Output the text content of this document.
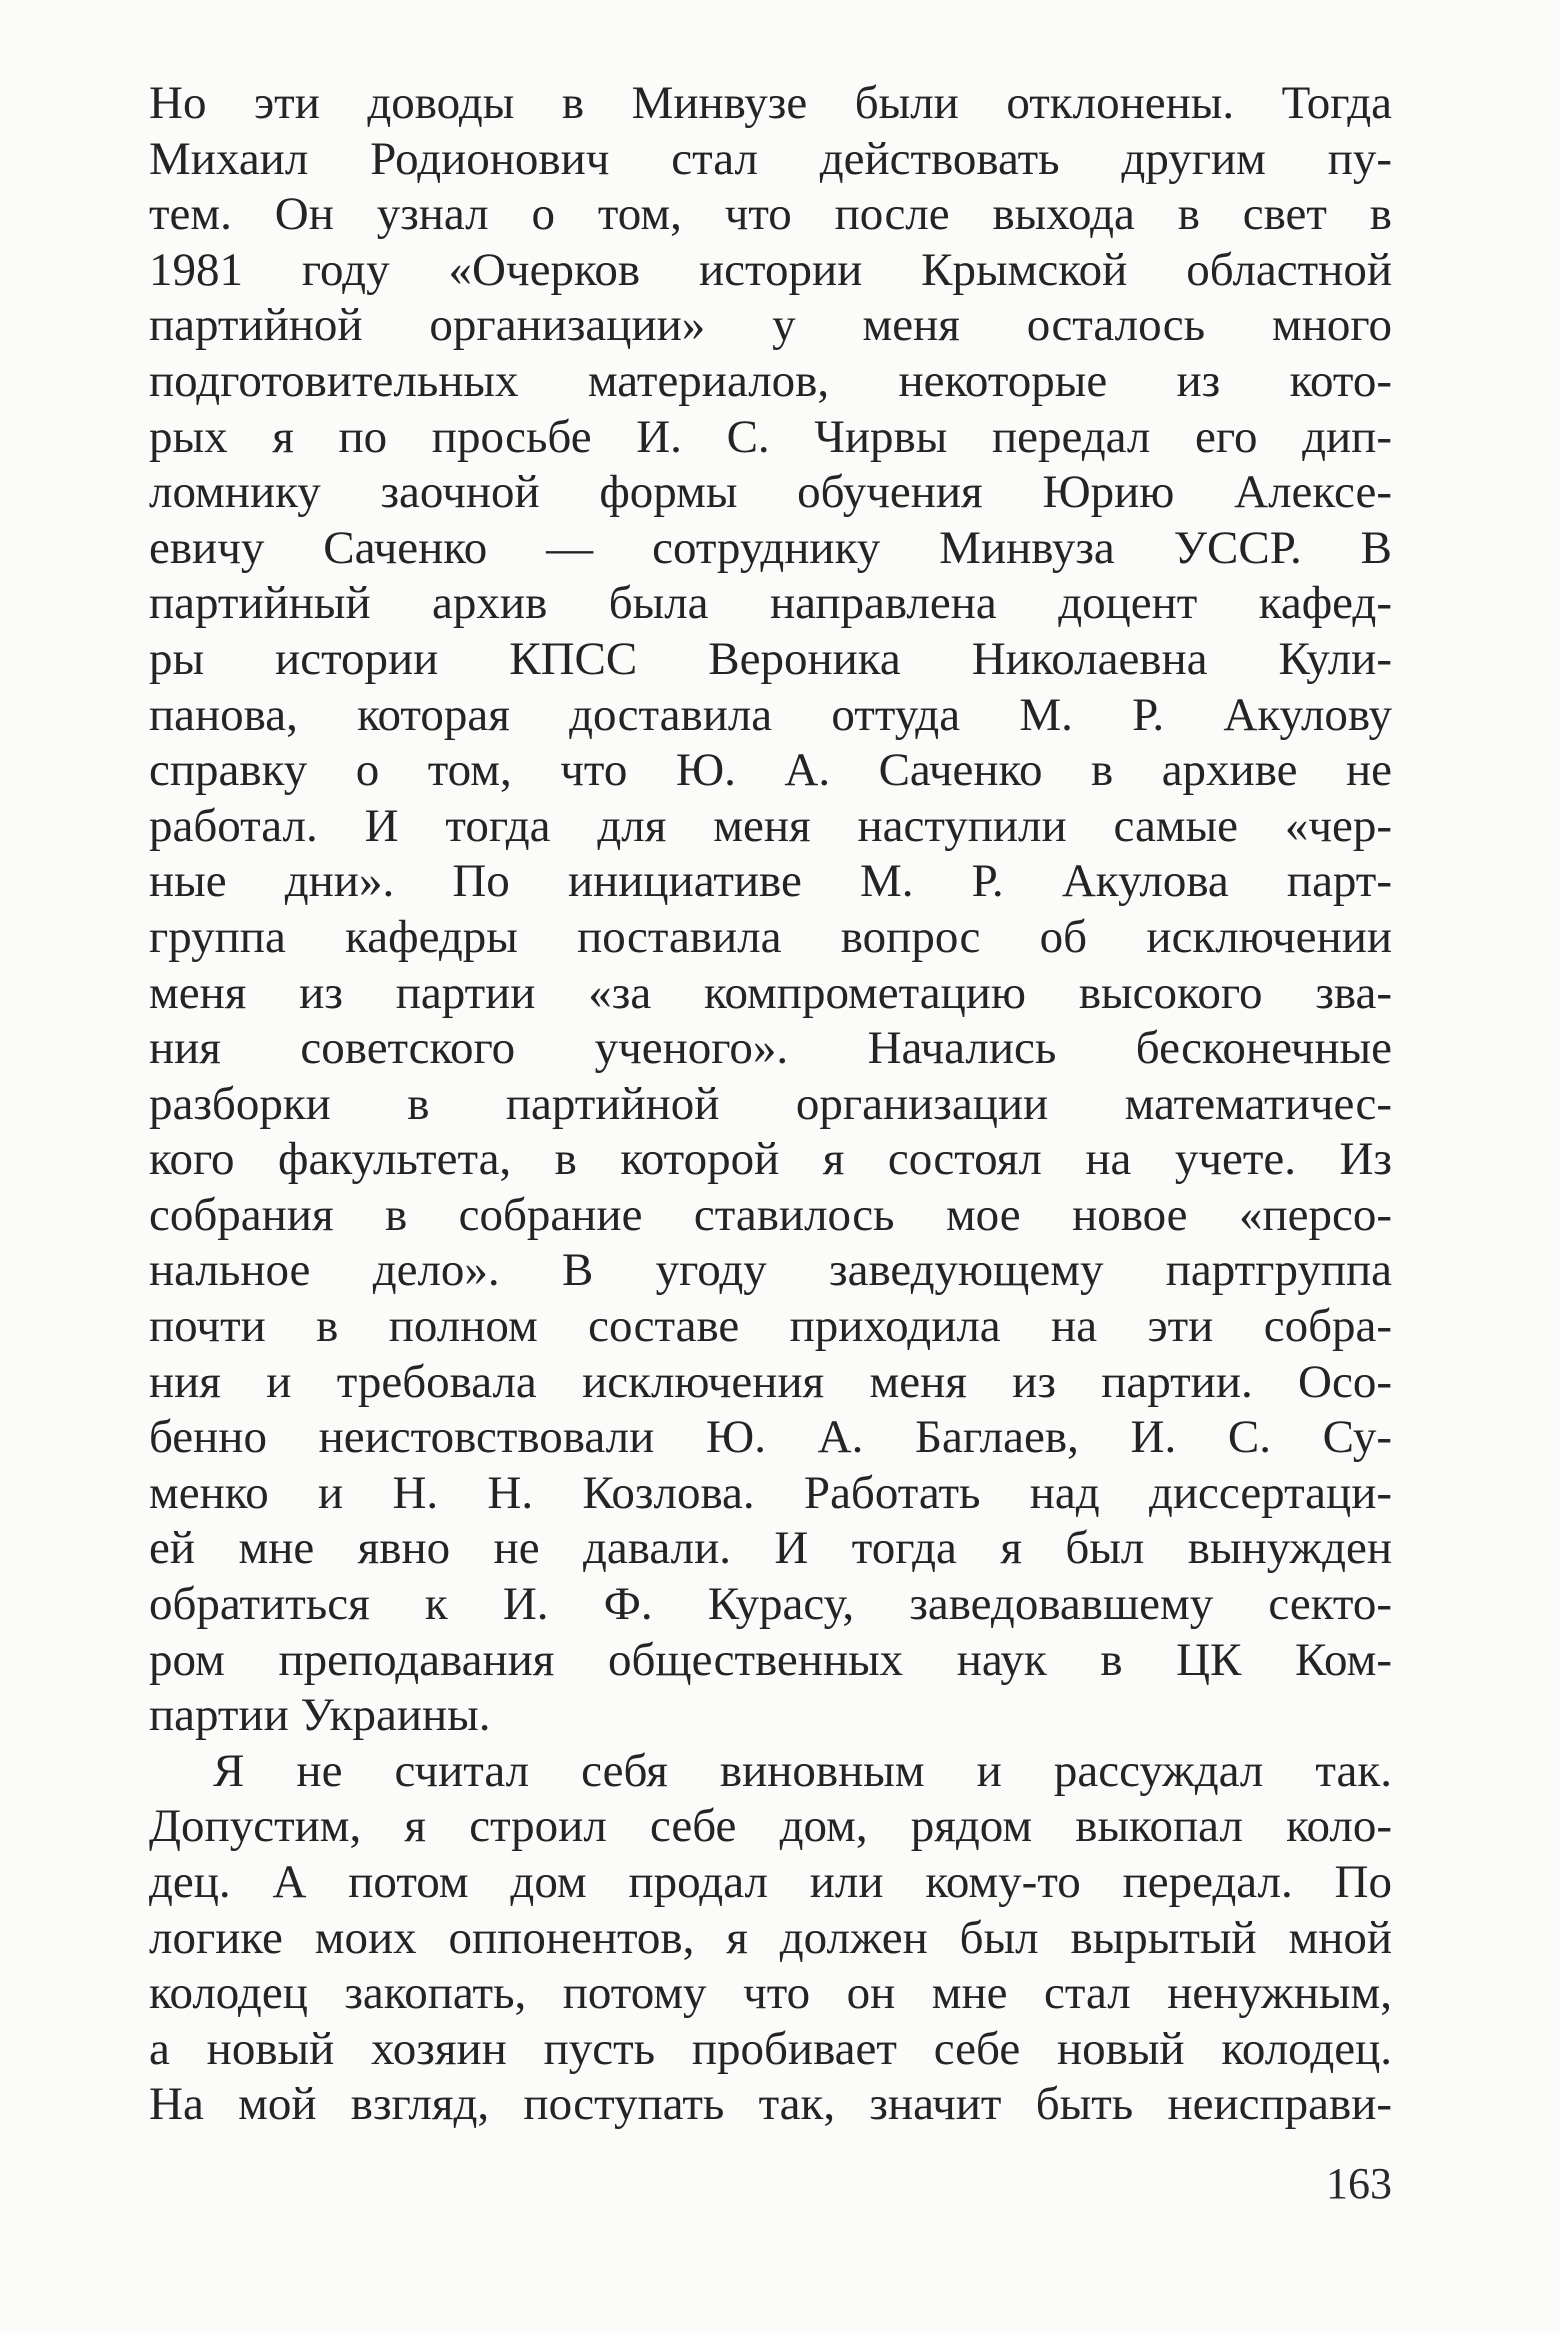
Но эти доводы в Минвузе были отклонены. Тогда
Михаил Родионович стал действовать другим пу-
тем. Он узнал о том, что после выхода в свет в
1981 году «Очерков истории Крымской областной
партийной организации» у меня осталось много
подготовительных материалов, некоторые из кото-
рых я по просьбе И. С. Чирвы передал его дип-
ломнику заочной формы обучения Юрию Алексе-
евичу Саченко — сотруднику Минвуза УССР. В
партийный архив была направлена доцент кафед-
ры истории КПСС Вероника Николаевна Кули-
панова, которая доставила оттуда М. Р. Акулову
справку о том, что Ю. А. Саченко в архиве не
работал. И тогда для меня наступили самые «чер-
ные дни». По инициативе М. Р. Акулова парт-
группа кафедры поставила вопрос об исключении
меня из партии «за компрометацию высокого зва-
ния советского ученого». Начались бесконечные
разборки в партийной организации математичес-
кого факультета, в которой я состоял на учете. Из
собрания в собрание ставилось мое новое «персо-
нальное дело». В угоду заведующему партгруппа
почти в полном составе приходила на эти собра-
ния и требовала исключения меня из партии. Осо-
бенно неистовствовали Ю. А. Баглаев, И. С. Су-
менко и Н. Н. Козлова. Работать над диссертаци-
ей мне явно не давали. И тогда я был вынужден
обратиться к И. Ф. Курасу, заведовавшему секто-
ром преподавания общественных наук в ЦК Ком-
партии Украины.
Я не считал себя виновным и рассуждал так.
Допустим, я строил себе дом, рядом выкопал коло-
дец. А потом дом продал или кому-то передал. По
логике моих оппонентов, я должен был вырытый мной
колодец закопать, потому что он мне стал ненужным,
а новый хозяин пусть пробивает себе новый колодец.
На мой взгляд, поступать так, значит быть неисправи-
163
